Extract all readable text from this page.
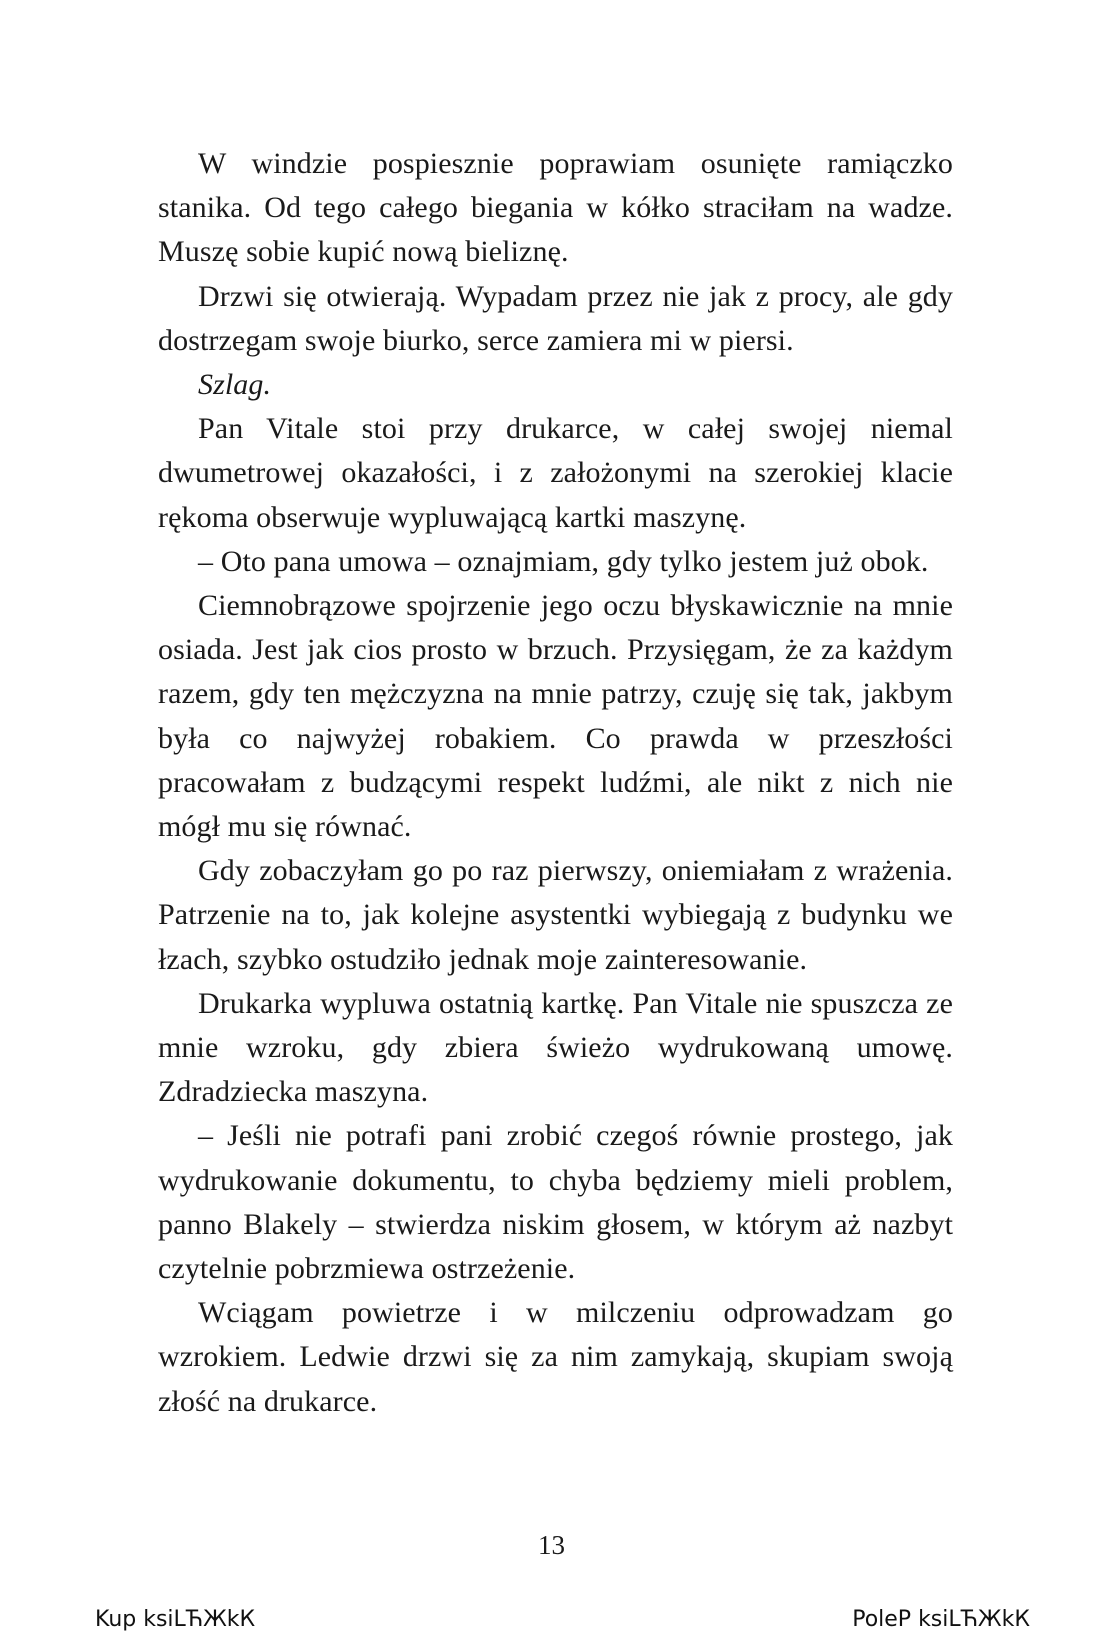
W windzie pospiesznie poprawiam osunięte ramiączko stanika. Od tego całego biegania w kółko straciłam na wadze. Muszę sobie kupić nową bieliznę.

Drzwi się otwierają. Wypadam przez nie jak z procy, ale gdy dostrzegam swoje biurko, serce zamiera mi w piersi.

Szlag.

Pan Vitale stoi przy drukarce, w całej swojej niemal dwumetrowej okazałości, i z założonymi na szerokiej klacie rękoma obserwuje wypluwającą kartki maszynę.

– Oto pana umowa – oznajmiam, gdy tylko jestem już obok.

Ciemnobrązowe spojrzenie jego oczu błyskawicznie na mnie osiada. Jest jak cios prosto w brzuch. Przysięgam, że za każdym razem, gdy ten mężczyzna na mnie patrzy, czuję się tak, jakbym była co najwyżej robakiem. Co prawda w przeszłości pracowałam z budzącymi respekt ludźmi, ale nikt z nich nie mógł mu się równać.

Gdy zobaczyłam go po raz pierwszy, oniemiałam z wrażenia. Patrzenie na to, jak kolejne asystentki wybiegają z budynku we łzach, szybko ostudziło jednak moje zainteresowanie.

Drukarka wypluwa ostatnią kartkę. Pan Vitale nie spuszcza ze mnie wzroku, gdy zbiera świeżo wydrukowaną umowę. Zdradziecka maszyna.

– Jeśli nie potrafi pani zrobić czegoś równie prostego, jak wydrukowanie dokumentu, to chyba będziemy mieli problem, panno Blakely – stwierdza niskim głosem, w którym aż nazbyt czytelnie pobrzmiewa ostrzeżenie.

Wciągam powietrze i w milczeniu odprowadzam go wzrokiem. Ledwie drzwi się za nim zamykają, skupiam swoją złość na drukarce.

13
Kup ksiLЋЖkК	PoleР ksiLЋЖkК
